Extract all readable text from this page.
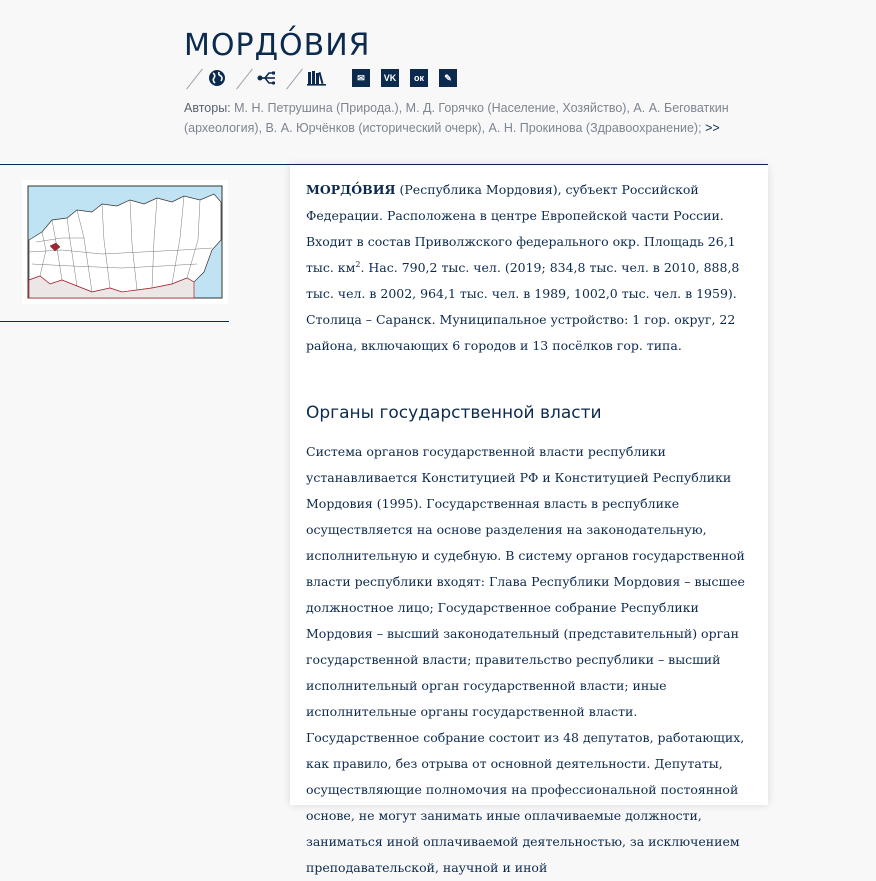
МОРДО́ВИЯ
✉ VK ок ✎
Авторы: М. Н. Петрушина (Природа.), М. Д. Горячко (Население, Хозяйство), А. А. Беговаткин (археология), В. А. Юрчёнков (исторический очерк), А. Н. Прокинова (Здравоохранение); >>

МОРДО́ВИЯ (Республика Мордовия), субъект Российской Федерации. Расположена в центре Европейской части России. Входит в состав Приволжского федерального окр. Площадь 26,1 тыс. $км^2$. Нас. 790,2 тыс. чел. (2019; 834,8 тыс. чел. в 2010, 888,8 тыс. чел. в 2002, 964,1 тыс. чел. в 1989, 1002,0 тыс. чел. в 1959). Столица – Саранск. Муниципальное устройство: 1 гор. округ, 22 района, включающих 6 городов и 13 посёлков гор. типа.

Органы государственной власти

Система органов государственной власти республики устанавливается Конституцией РФ и Конституцией Республики Мордовия (1995). Государственная власть в республике осуществляется на основе разделения на законодательную, исполнительную и судебную. В систему органов государственной власти республики входят: Глава Республики Мордовия – высшее должностное лицо; Государственное собрание Республики Мордовия – высший законодательный (представительный) орган государственной власти; правительство республики – высший исполнительный орган государственной власти; иные исполнительные органы государственной власти. Государственное собрание состоит из 48 депутатов, работающих, как правило, без отрыва от основной деятельности. Депутаты, осуществляющие полномочия на профессиональной постоянной основе, не могут занимать иные оплачиваемые должности, заниматься иной оплачиваемой деятельностью, за исключением преподавательской, научной и иной
